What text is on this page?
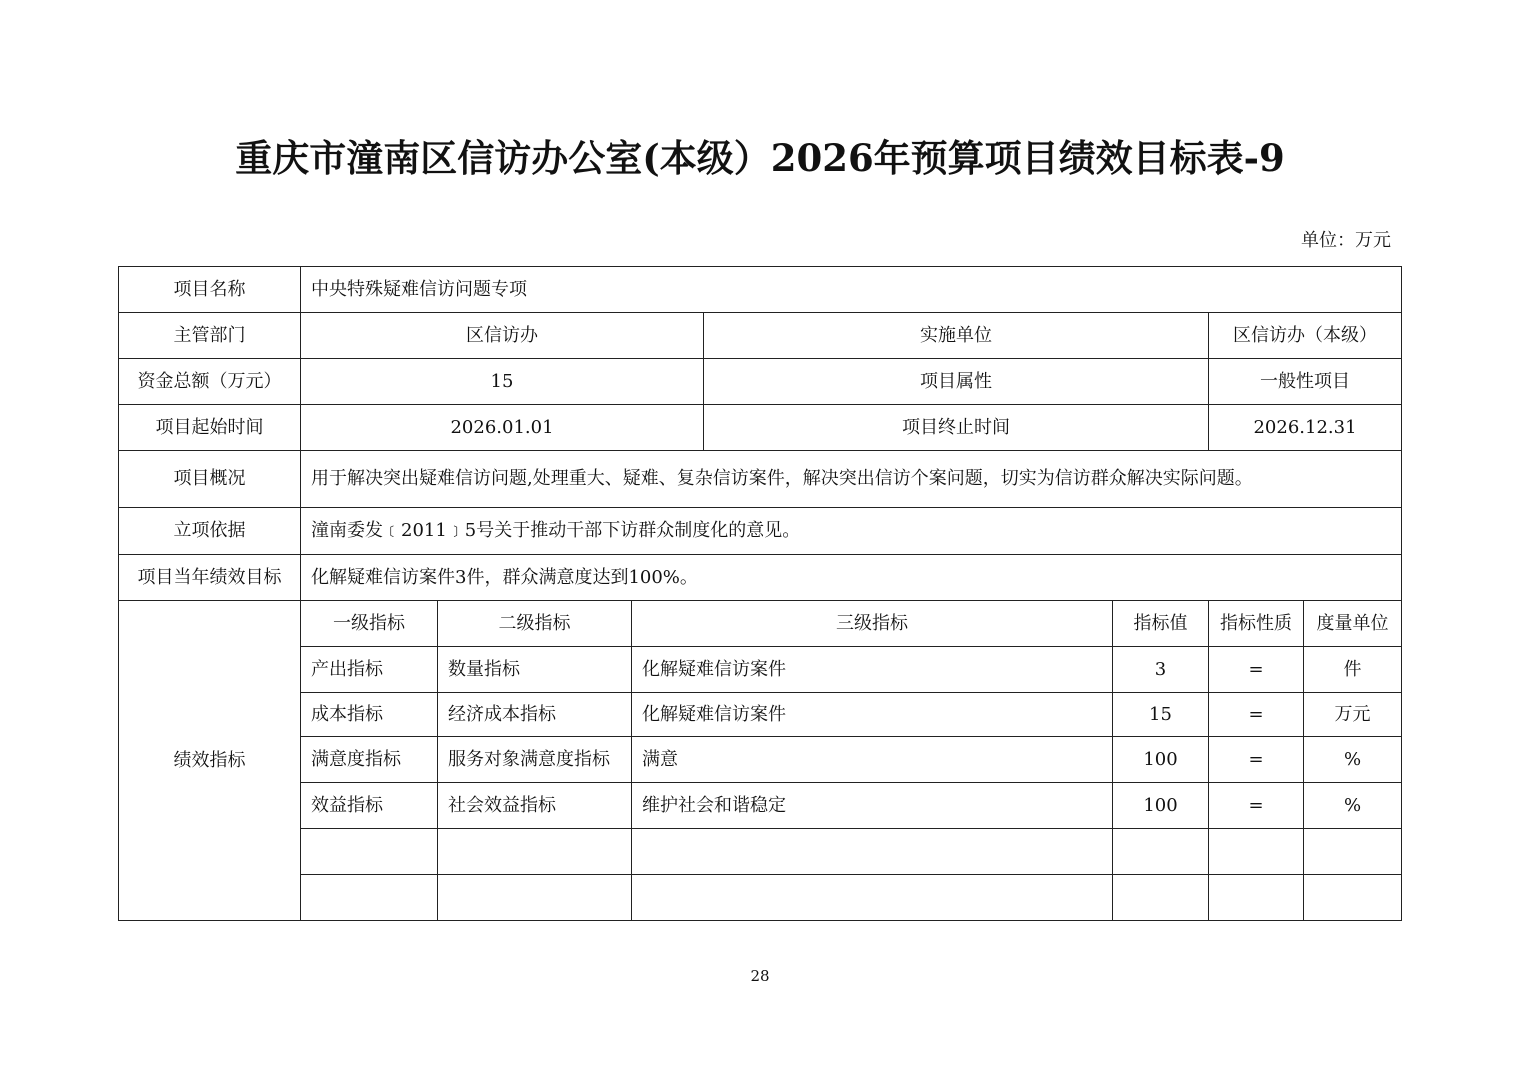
重庆市潼南区信访办公室(本级）2026年预算项目绩效目标表-9
单位：万元
项目名称	中央特殊疑难信访问题专项						
主管部门	区信访办			实施单位		区信访办（本级）	
资金总额（万元）	15			项目属性		一般性项目	
项目起始时间	2026.01.01			项目终止时间		2026.12.31	
项目概况	用于解决突出疑难信访问题,处理重大、疑难、复杂信访案件，解决突出信访个案问题，切实为信访群众解决实际问题。						
立项依据	潼南委发﹝2011﹞5号关于推动干部下访群众制度化的意见。						
项目当年绩效目标	化解疑难信访案件3件，群众满意度达到100%。						
绩效指标	一级指标	二级指标	三级指标		指标值	指标性质	度量单位
	产出指标	数量指标	化解疑难信访案件		3	=	件
	成本指标	经济成本指标	化解疑难信访案件		15	=	万元
	满意度指标	服务对象满意度指标	满意		100	=	%
	效益指标	社会效益指标	维护社会和谐稳定		100	=	%

28
